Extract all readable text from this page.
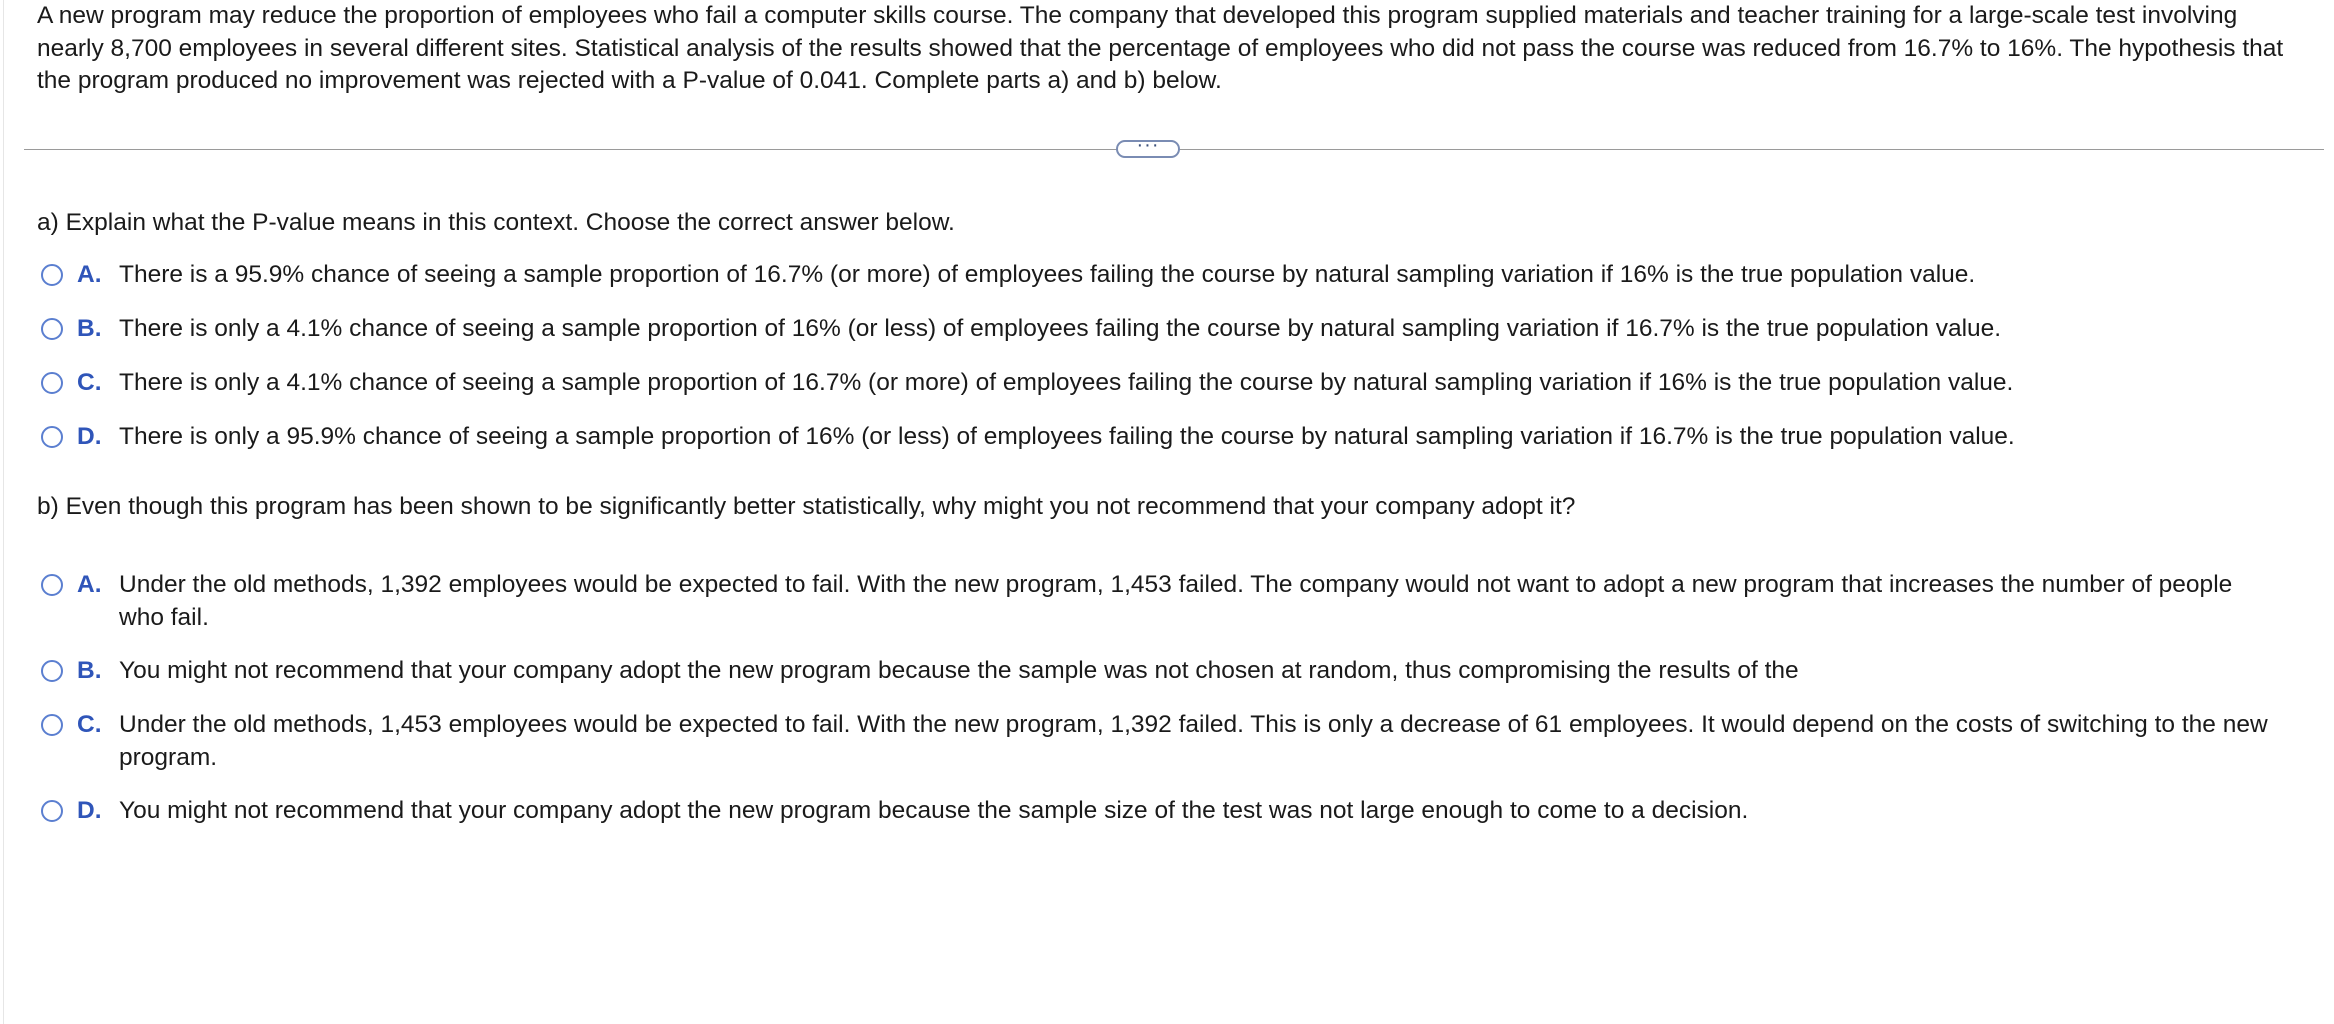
A new program may reduce the proportion of employees who fail a computer skills course. The company that developed this program supplied materials and teacher training for a large-scale test involving nearly 8,700 employees in several different sites. Statistical analysis of the results showed that the percentage of employees who did not pass the course was reduced from 16.7% to 16%. The hypothesis that the program produced no improvement was rejected with a P-value of 0.041. Complete parts a) and b) below.
···
a) Explain what the P-value means in this context. Choose the correct answer below.
A. There is a 95.9% chance of seeing a sample proportion of 16.7% (or more) of employees failing the course by natural sampling variation if 16% is the true population value.
B. There is only a 4.1% chance of seeing a sample proportion of 16% (or less) of employees failing the course by natural sampling variation if 16.7% is the true population value.
C. There is only a 4.1% chance of seeing a sample proportion of 16.7% (or more) of employees failing the course by natural sampling variation if 16% is the true population value.
D. There is only a 95.9% chance of seeing a sample proportion of 16% (or less) of employees failing the course by natural sampling variation if 16.7% is the true population value.
b) Even though this program has been shown to be significantly better statistically, why might you not recommend that your company adopt it?
A. Under the old methods, 1,392 employees would be expected to fail. With the new program, 1,453 failed. The company would not want to adopt a new program that increases the number of people who fail.
B. You might not recommend that your company adopt the new program because the sample was not chosen at random, thus compromising the results of the
C. Under the old methods, 1,453 employees would be expected to fail. With the new program, 1,392 failed. This is only a decrease of 61 employees. It would depend on the costs of switching to the new program.
D. You might not recommend that your company adopt the new program because the sample size of the test was not large enough to come to a decision.
